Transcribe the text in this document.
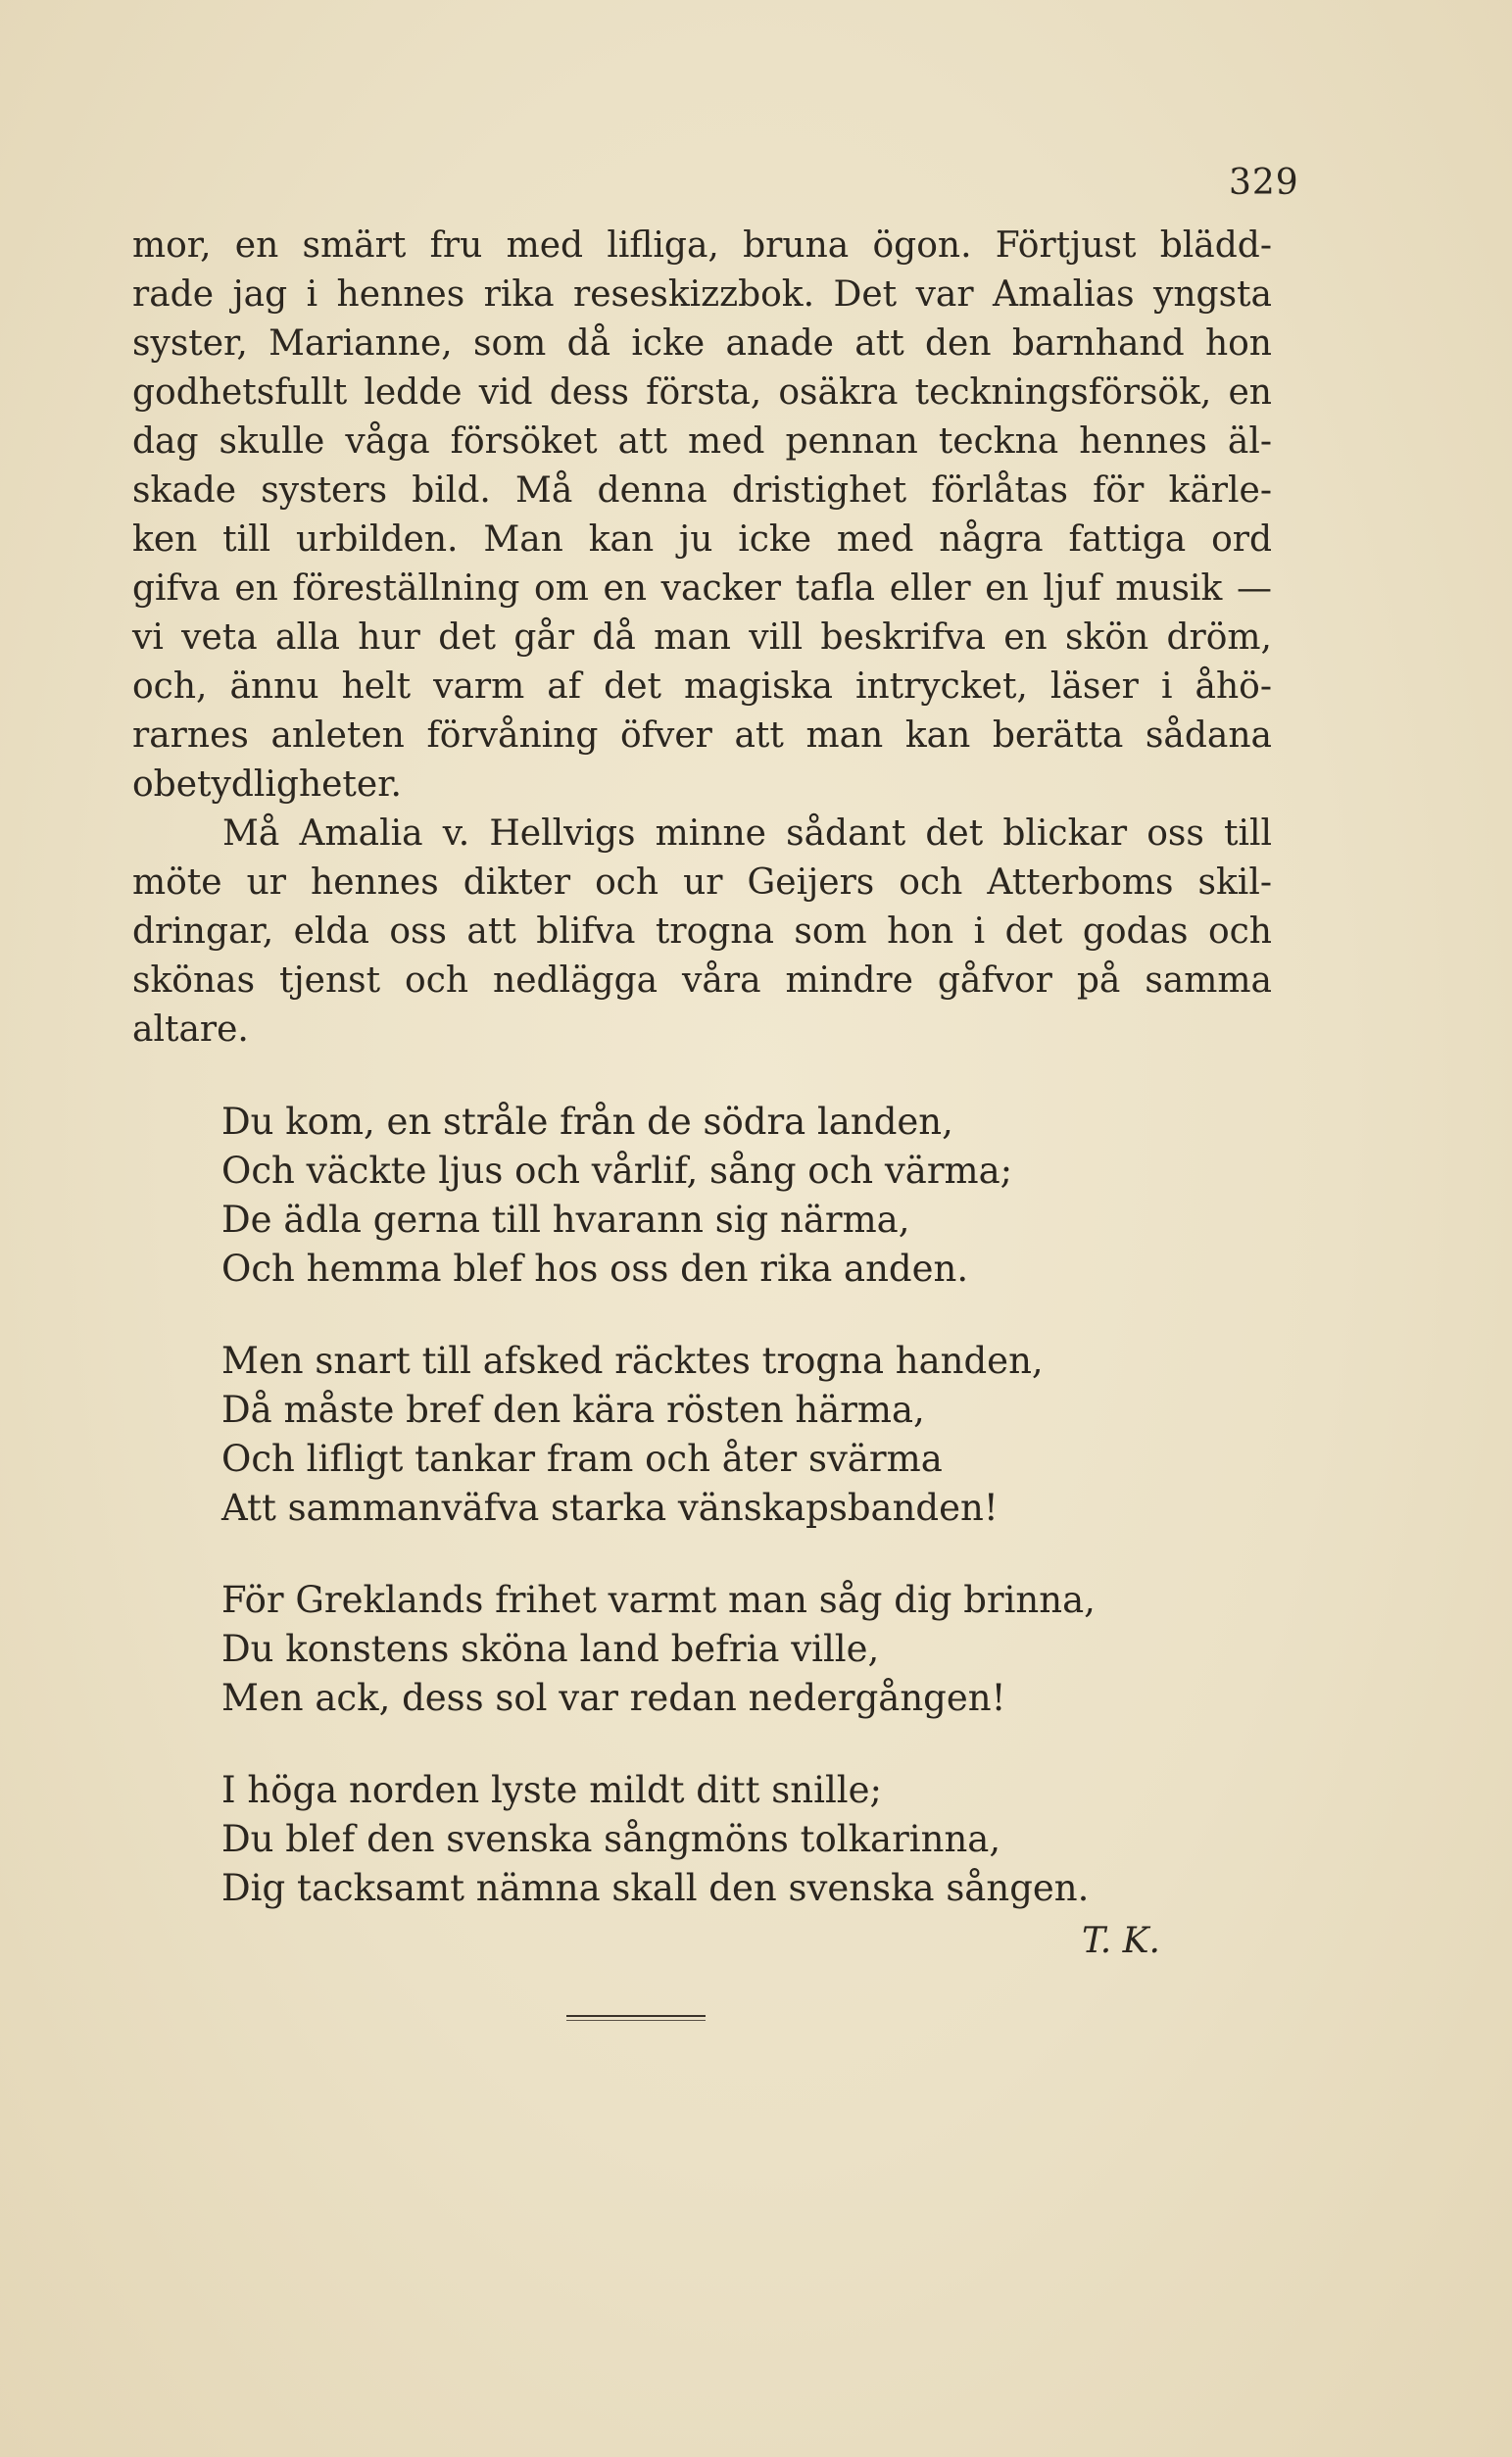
329
mor, en smärt fru med lifliga, bruna ögon. Förtjust blädd-
rade jag i hennes rika reseskizzbok. Det var Amalias yngsta
syster, Marianne, som då icke anade att den barnhand hon
godhetsfullt ledde vid dess första, osäkra teckningsförsök, en
dag skulle våga försöket att med pennan teckna hennes äl-
skade systers bild. Må denna dristighet förlåtas för kärle-
ken till urbilden. Man kan ju icke med några fattiga ord
gifva en föreställning om en vacker tafla eller en ljuf musik —
vi veta alla hur det går då man vill beskrifva en skön dröm,
och, ännu helt varm af det magiska intrycket, läser i åhö-
rarnes anleten förvåning öfver att man kan berätta sådana
obetydligheter.
Må Amalia v. Hellvigs minne sådant det blickar oss till
möte ur hennes dikter och ur Geijers och Atterboms skil-
dringar, elda oss att blifva trogna som hon i det godas och
skönas tjenst och nedlägga våra mindre gåfvor på samma
altare.
Du kom, en stråle från de södra landen,
Och väckte ljus och vårlif, sång och värma;
De ädla gerna till hvarann sig närma,
Och hemma blef hos oss den rika anden.
Men snart till afsked räcktes trogna handen,
Då måste bref den kära rösten härma,
Och lifligt tankar fram och åter svärma
Att sammanväfva starka vänskapsbanden!
För Greklands frihet varmt man såg dig brinna,
Du konstens sköna land befria ville,
Men ack, dess sol var redan nedergången!
I höga norden lyste mildt ditt snille;
Du blef den svenska sångmöns tolkarinna,
Dig tacksamt nämna skall den svenska sången.
T. K.
